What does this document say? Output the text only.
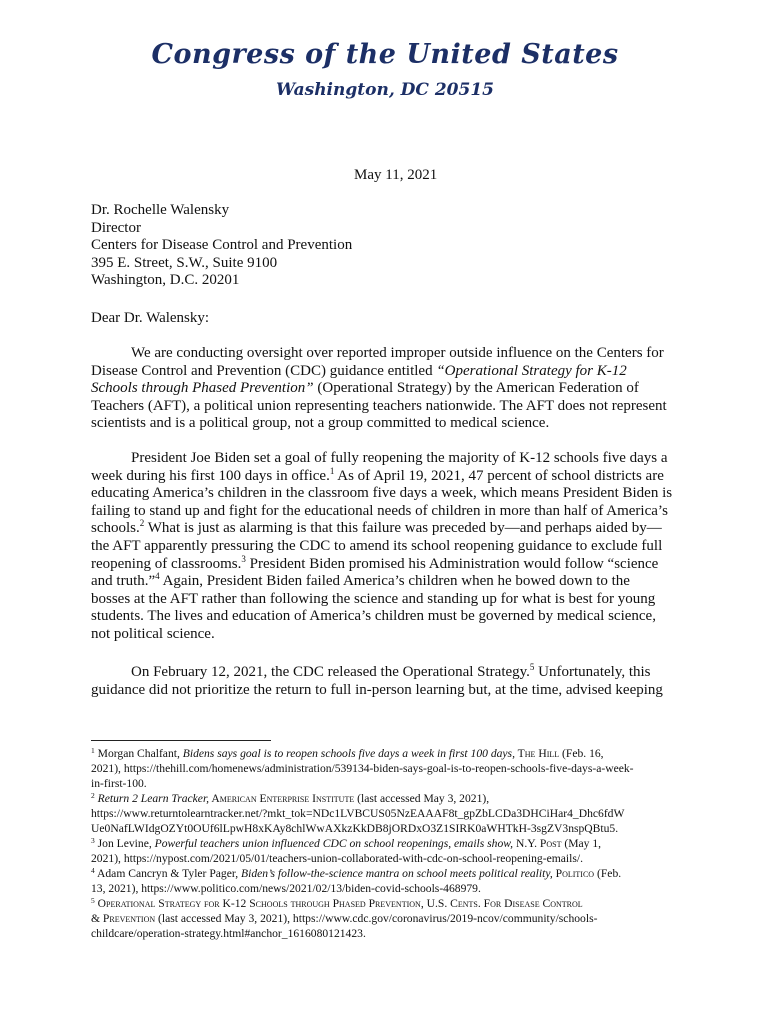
Congress of the United States
Washington, DC 20515
May 11, 2021
Dr. Rochelle Walensky
Director
Centers for Disease Control and Prevention
395 E. Street, S.W., Suite 9100
Washington, D.C. 20201
Dear Dr. Walensky:
We are conducting oversight over reported improper outside influence on the Centers for
Disease Control and Prevention (CDC) guidance entitled “Operational Strategy for K-12
Schools through Phased Prevention” (Operational Strategy) by the American Federation of
Teachers (AFT), a political union representing teachers nationwide. The AFT does not represent
scientists and is a political group, not a group committed to medical science.
President Joe Biden set a goal of fully reopening the majority of K-12 schools five days a
week during his first 100 days in office.$^1$ As of April 19, 2021, 47 percent of school districts are
educating America’s children in the classroom five days a week, which means President Biden is
failing to stand up and fight for the educational needs of children in more than half of America’s
schools.$^2$ What is just as alarming is that this failure was preceded by—and perhaps aided by—
the AFT apparently pressuring the CDC to amend its school reopening guidance to exclude full
reopening of classrooms.$^3$ President Biden promised his Administration would follow “science
and truth.”$^4$ Again, President Biden failed America’s children when he bowed down to the
bosses at the AFT rather than following the science and standing up for what is best for young
students. The lives and education of America’s children must be governed by medical science,
not political science.
On February 12, 2021, the CDC released the Operational Strategy.$^5$ Unfortunately, this
guidance did not prioritize the return to full in-person learning but, at the time, advised keeping
$^1$ Morgan Chalfant, Bidens says goal is to reopen schools five days a week in first 100 days, The Hill (Feb. 16,
2021), https://thehill.com/homenews/administration/539134-biden-says-goal-is-to-reopen-schools-five-days-a-week-
in-first-100.
$^2$ Return 2 Learn Tracker, American Enterprise Institute (last accessed May 3, 2021),
https://www.returntolearntracker.net/?mkt_tok=NDc1LVBCUS05NzEAAAF8t_gpZbLCDa3DHCiHar4_Dhc6fdW
Ue0NafLWIdgOZYt0OUf6lLpwH8xKAy8chlWwAXkzKkDB8jORDxO3Z1SIRK0aWHTkH-3sgZV3nspQBtu5.
$^3$ Jon Levine, Powerful teachers union influenced CDC on school reopenings, emails show, N.Y. Post (May 1,
2021), https://nypost.com/2021/05/01/teachers-union-collaborated-with-cdc-on-school-reopening-emails/.
$^4$ Adam Cancryn & Tyler Pager, Biden’s follow-the-science mantra on school meets political reality, Politico (Feb.
13, 2021), https://www.politico.com/news/2021/02/13/biden-covid-schools-468979.
$^5$ Operational Strategy for K-12 Schools through Phased Prevention, U.S. Cents. For Disease Control
& Prevention (last accessed May 3, 2021), https://www.cdc.gov/coronavirus/2019-ncov/community/schools-
childcare/operation-strategy.html#anchor_1616080121423.
